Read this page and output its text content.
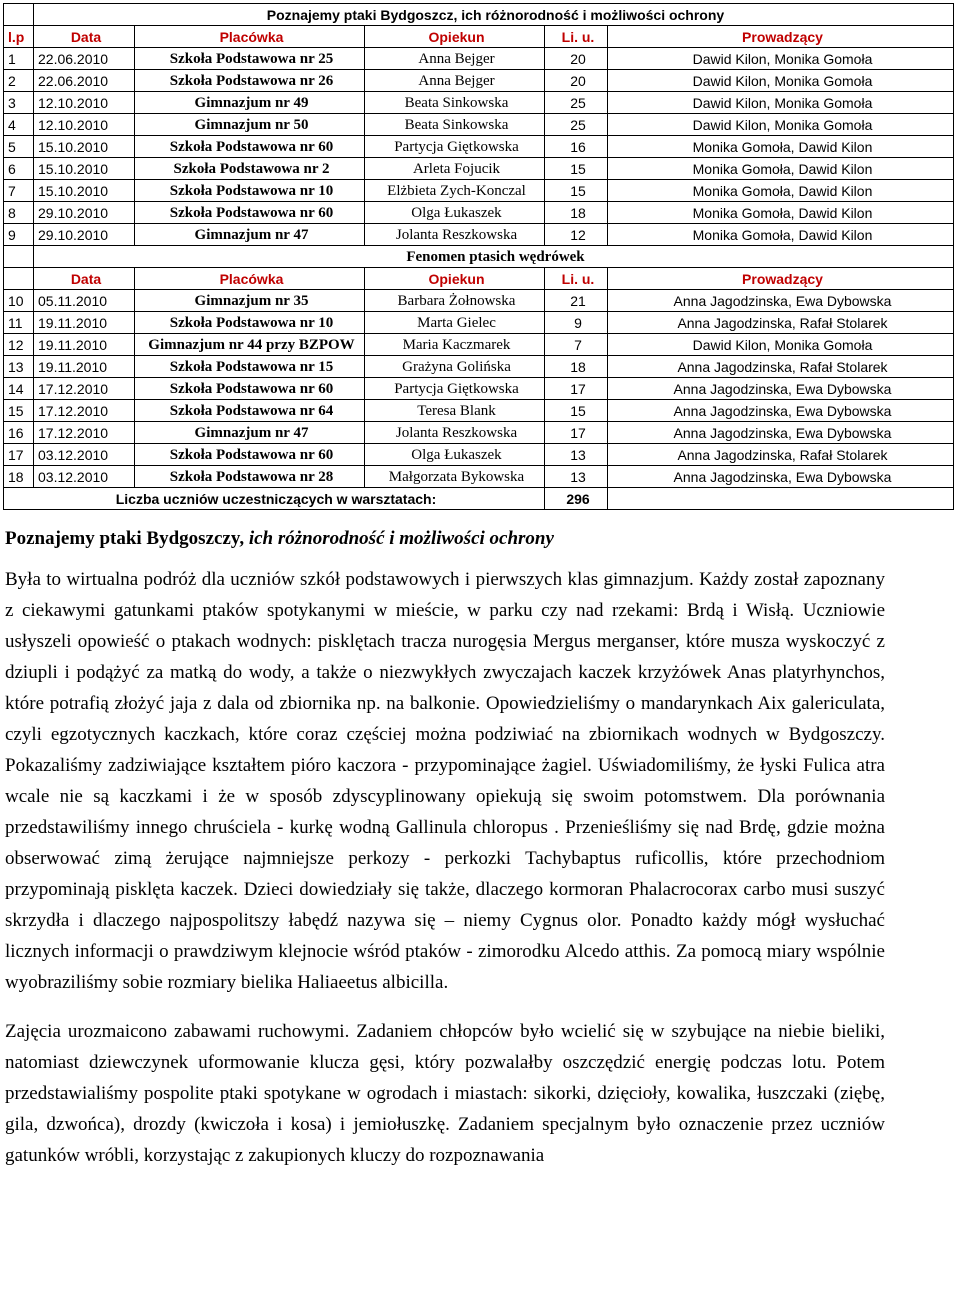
	Poznajemy ptaki Bydgoszcz, ich różnorodność i możliwości ochrony				
l.p	Data	Placówka	Opiekun	Li. u.	Prowadzący
1	22.06.2010	Szkoła Podstawowa nr 25	Anna Bejger	20	Dawid Kilon, Monika Gomoła
2	22.06.2010	Szkoła Podstawowa nr 26	Anna Bejger	20	Dawid Kilon, Monika Gomoła
3	12.10.2010	Gimnazjum nr 49	Beata Sinkowska	25	Dawid Kilon, Monika Gomoła
4	12.10.2010	Gimnazjum nr 50	Beata Sinkowska	25	Dawid Kilon, Monika Gomoła
5	15.10.2010	Szkoła Podstawowa nr 60	Partycja Giętkowska	16	Monika Gomoła, Dawid Kilon
6	15.10.2010	Szkoła Podstawowa nr 2	Arleta Fojucik	15	Monika Gomoła, Dawid Kilon
7	15.10.2010	Szkoła Podstawowa nr 10	Elżbieta Zych-Konczal	15	Monika Gomoła, Dawid Kilon
8	29.10.2010	Szkoła Podstawowa nr 60	Olga Łukaszek	18	Monika Gomoła, Dawid Kilon
9	29.10.2010	Gimnazjum nr 47	Jolanta Reszkowska	12	Monika Gomoła, Dawid Kilon
	Fenomen ptasich wędrówek				
	Data	Placówka	Opiekun	Li. u.	Prowadzący
10	05.11.2010	Gimnazjum nr 35	Barbara Żołnowska	21	Anna Jagodzinska, Ewa Dybowska
11	19.11.2010	Szkoła Podstawowa nr 10	Marta Gielec	9	Anna Jagodzinska, Rafał Stolarek
12	19.11.2010	Gimnazjum nr 44 przy BZPOW	Maria Kaczmarek	7	Dawid Kilon, Monika Gomoła
13	19.11.2010	Szkoła Podstawowa nr 15	Grażyna Golińska	18	Anna Jagodzinska, Rafał Stolarek
14	17.12.2010	Szkoła Podstawowa nr 60	Partycja Giętkowska	17	Anna Jagodzinska, Ewa Dybowska
15	17.12.2010	Szkoła Podstawowa nr 64	Teresa Blank	15	Anna Jagodzinska, Ewa Dybowska
16	17.12.2010	Gimnazjum nr 47	Jolanta Reszkowska	17	Anna Jagodzinska, Ewa Dybowska
17	03.12.2010	Szkoła Podstawowa nr 60	Olga Łukaszek	13	Anna Jagodzinska, Rafał Stolarek
18	03.12.2010	Szkoła Podstawowa nr 28	Małgorzata Bykowska	13	Anna Jagodzinska, Ewa Dybowska
Liczba uczniów uczestniczących w warsztatach:				296	
Poznajemy ptaki Bydgoszczy, ich różnorodność i możliwości ochrony

Była to wirtualna podróż dla uczniów szkół podstawowych i pierwszych klas gimnazjum. Każdy został zapoznany z ciekawymi gatunkami ptaków spotykanymi w mieście, w parku czy nad rzekami: Brdą i Wisłą. Uczniowie usłyszeli opowieść o ptakach wodnych: pisklętach tracza nurogęsia Mergus merganser, które musza wyskoczyć z dziupli i podążyć za matką do wody, a także o niezwykłych zwyczajach kaczek krzyżówek Anas platyrhynchos, które potrafią złożyć jaja z dala od zbiornika np. na balkonie. Opowiedzieliśmy o mandarynkach Aix galericulata, czyli egzotycznych kaczkach, które coraz częściej można podziwiać na zbiornikach wodnych w Bydgoszczy. Pokazaliśmy zadziwiające kształtem pióro kaczora - przypominające żagiel. Uświadomiliśmy, że łyski Fulica atra wcale nie są kaczkami i że w sposób zdyscyplinowany opiekują się swoim potomstwem. Dla porównania przedstawiliśmy innego chruściela - kurkę wodną Gallinula chloropus . Przenieśliśmy się nad Brdę, gdzie można obserwować zimą żerujące najmniejsze perkozy - perkozki Tachybaptus ruficollis, które przechodniom przypominają pisklęta kaczek. Dzieci dowiedziały się także, dlaczego kormoran Phalacrocorax carbo musi suszyć skrzydła i dlaczego najpospolitszy łabędź nazywa się – niemy Cygnus olor. Ponadto każdy mógł wysłuchać licznych informacji o prawdziwym klejnocie wśród ptaków - zimorodku Alcedo atthis. Za pomocą miary wspólnie wyobraziliśmy sobie rozmiary bielika Haliaeetus albicilla.

Zajęcia urozmaicono zabawami ruchowymi. Zadaniem chłopców było wcielić się w szybujące na niebie bieliki, natomiast dziewczynek uformowanie klucza gęsi, który pozwalałby oszczędzić energię podczas lotu. Potem przedstawialiśmy pospolite ptaki spotykane w ogrodach i miastach: sikorki, dzięcioły, kowalika, łuszczaki (ziębę, gila, dzwońca), drozdy (kwiczoła i kosa) i jemiołuszkę. Zadaniem specjalnym było oznaczenie przez uczniów gatunków wróbli, korzystając z zakupionych kluczy do rozpoznawania
